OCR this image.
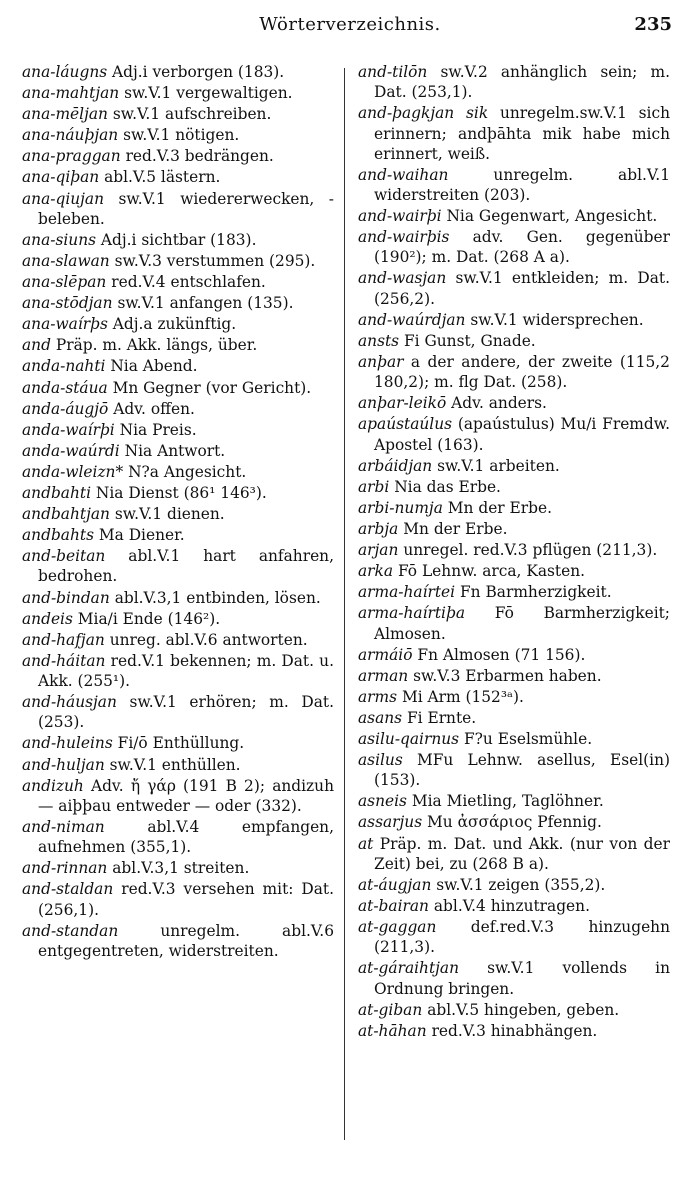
Wörterverzeichnis.	235
ana-láugns Adj.i verborgen (183).
ana-mahtjan sw.V.1 vergewaltigen.
ana-mēljan sw.V.1 aufschreiben.
ana-náuþjan sw.V.1 nötigen.
ana-praggan red.V.3 bedrängen.
ana-qiþan abl.V.5 lästern.
ana-qiujan sw.V.1 wiedererwecken, -beleben.
ana-siuns Adj.i sichtbar (183).
ana-slawan sw.V.3 verstummen (295).
ana-slēpan red.V.4 entschlafen.
ana-stōdjan sw.V.1 anfangen (135).
ana-waírþs Adj.a zukünftig.
and Präp. m. Akk. längs, über.
anda-nahti Nia Abend.
anda-stáua Mn Gegner (vor Gericht).
anda-áugjō Adv. offen.
anda-waírþi Nia Preis.
anda-waúrdi Nia Antwort.
anda-wleizn* N?a Angesicht.
andbahti Nia Dienst (86¹ 146³).
andbahtjan sw.V.1 dienen.
andbahts Ma Diener.
and-beitan abl.V.1 hart anfahren, bedrohen.
and-bindan abl.V.3,1 entbinden, lösen.
andeis Mia/i Ende (146²).
and-hafjan unreg. abl.V.6 antworten.
and-háitan red.V.1 bekennen; m. Dat. u. Akk. (255¹).
and-háusjan sw.V.1 erhören; m. Dat. (253).
and-huleins Fi/ō Enthüllung.
and-huljan sw.V.1 enthüllen.
andizuh Adv. ἤ γάρ (191 B 2); andizuh — aiþþau entweder — oder (332).
and-niman	abl.V.4 empfangen, aufnehmen (355,1).
and-rinnan abl.V.3,1 streiten.
and-staldan red.V.3 versehen mit: Dat. (256,1).
and-standan	unregelm. abl.V.6 entgegentreten, widerstreiten.
and-tilōn sw.V.2 anhänglich sein; m. Dat. (253,1).
and-þagkjan sik unregelm.sw.V.1 sich erinnern; andþāhta mik habe mich erinnert, weiß.
and-waihan	unregelm. abl.V.1 widerstreiten (203).
and-wairþi Nia Gegenwart, Angesicht.
and-wairþis adv. Gen. gegenüber (190²); m. Dat. (268 A a).
and-wasjan sw.V.1 entkleiden; m. Dat. (256,2).
and-waúrdjan sw.V.1 widersprechen.
ansts Fi Gunst, Gnade.
anþar a der andere, der zweite (115,2 180,2); m. flg Dat. (258).
anþar-leikō Adv. anders.
apaústaúlus (apaústulus) Mu/i Fremdw. Apostel (163).
arbáidjan sw.V.1 arbeiten.
arbi Nia das Erbe.
arbi-numja Mn der Erbe.
arbja Mn der Erbe.
arjan unregel. red.V.3 pflügen (211,3).
arka Fō Lehnw. arca, Kasten.
arma-haírtei Fn Barmherzigkeit.
arma-haírtiþa Fō Barmherzigkeit; Almosen.
armáiō Fn Almosen (71 156).
arman sw.V.3 Erbarmen haben.
arms Mi Arm (152³ᵃ).
asans Fi Ernte.
asilu-qairnus F?u Eselsmühle.
asilus MFu Lehnw. asellus, Esel(in) (153).
asneis Mia Mietling, Taglöhner.
assarjus Mu ἀσσάριος Pfennig.
at Präp. m. Dat. und Akk. (nur von der Zeit) bei, zu (268 B a).
at-áugjan sw.V.1 zeigen (355,2).
at-bairan abl.V.4 hinzutragen.
at-gaggan def.red.V.3 hinzugehn (211,3).
at-gáraihtjan sw.V.1 vollends in Ordnung bringen.
at-giban abl.V.5 hingeben, geben.
at-hāhan red.V.3 hinabhängen.
